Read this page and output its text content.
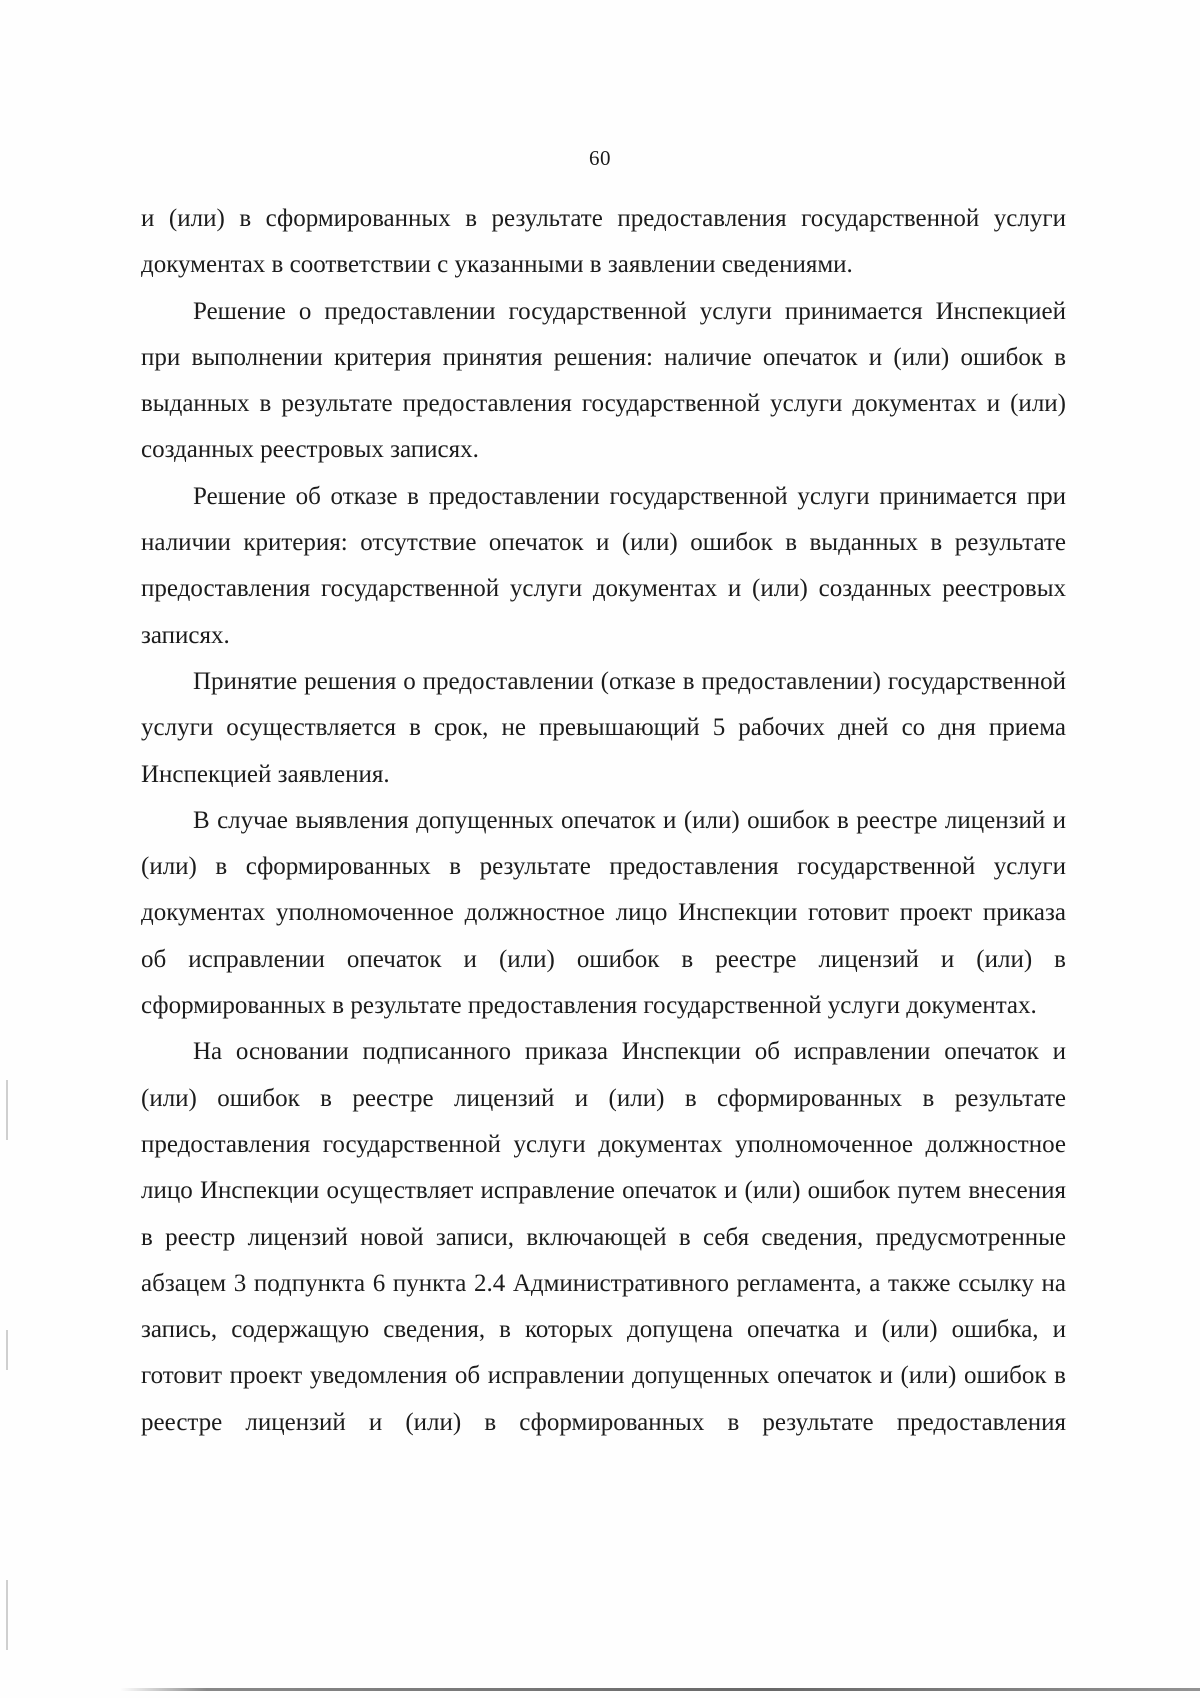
60

и (или) в сформированных в результате предоставления государственной услуги документах в соответствии с указанными в заявлении сведениями.

Решение о предоставлении государственной услуги принимается Инспекцией при выполнении критерия принятия решения: наличие опечаток и (или) ошибок в выданных в результате предоставления государственной услуги документах и (или) созданных реестровых записях.

Решение об отказе в предоставлении государственной услуги принимается при наличии критерия: отсутствие опечаток и (или) ошибок в выданных в результате предоставления государственной услуги документах и (или) созданных реестровых записях.

Принятие решения о предоставлении (отказе в предоставлении) государственной услуги осуществляется в срок, не превышающий 5 рабочих дней со дня приема Инспекцией заявления.

В случае выявления допущенных опечаток и (или) ошибок в реестре лицензий и (или) в сформированных в результате предоставления государственной услуги документах уполномоченное должностное лицо Инспекции готовит проект приказа об исправлении опечаток и (или) ошибок в реестре лицензий и (или) в сформированных в результате предоставления государственной услуги документах.

На основании подписанного приказа Инспекции об исправлении опечаток и (или) ошибок в реестре лицензий и (или) в сформированных в результате предоставления государственной услуги документах уполномоченное должностное лицо Инспекции осуществляет исправление опечаток и (или) ошибок путем внесения в реестр лицензий новой записи, включающей в себя сведения, предусмотренные абзацем 3 подпункта 6 пункта 2.4 Административного регламента, а также ссылку на запись, содержащую сведения, в которых допущена опечатка и (или) ошибка, и готовит проект уведомления об исправлении допущенных опечаток и (или) ошибок в реестре лицензий и (или) в сформированных в результате предоставления
